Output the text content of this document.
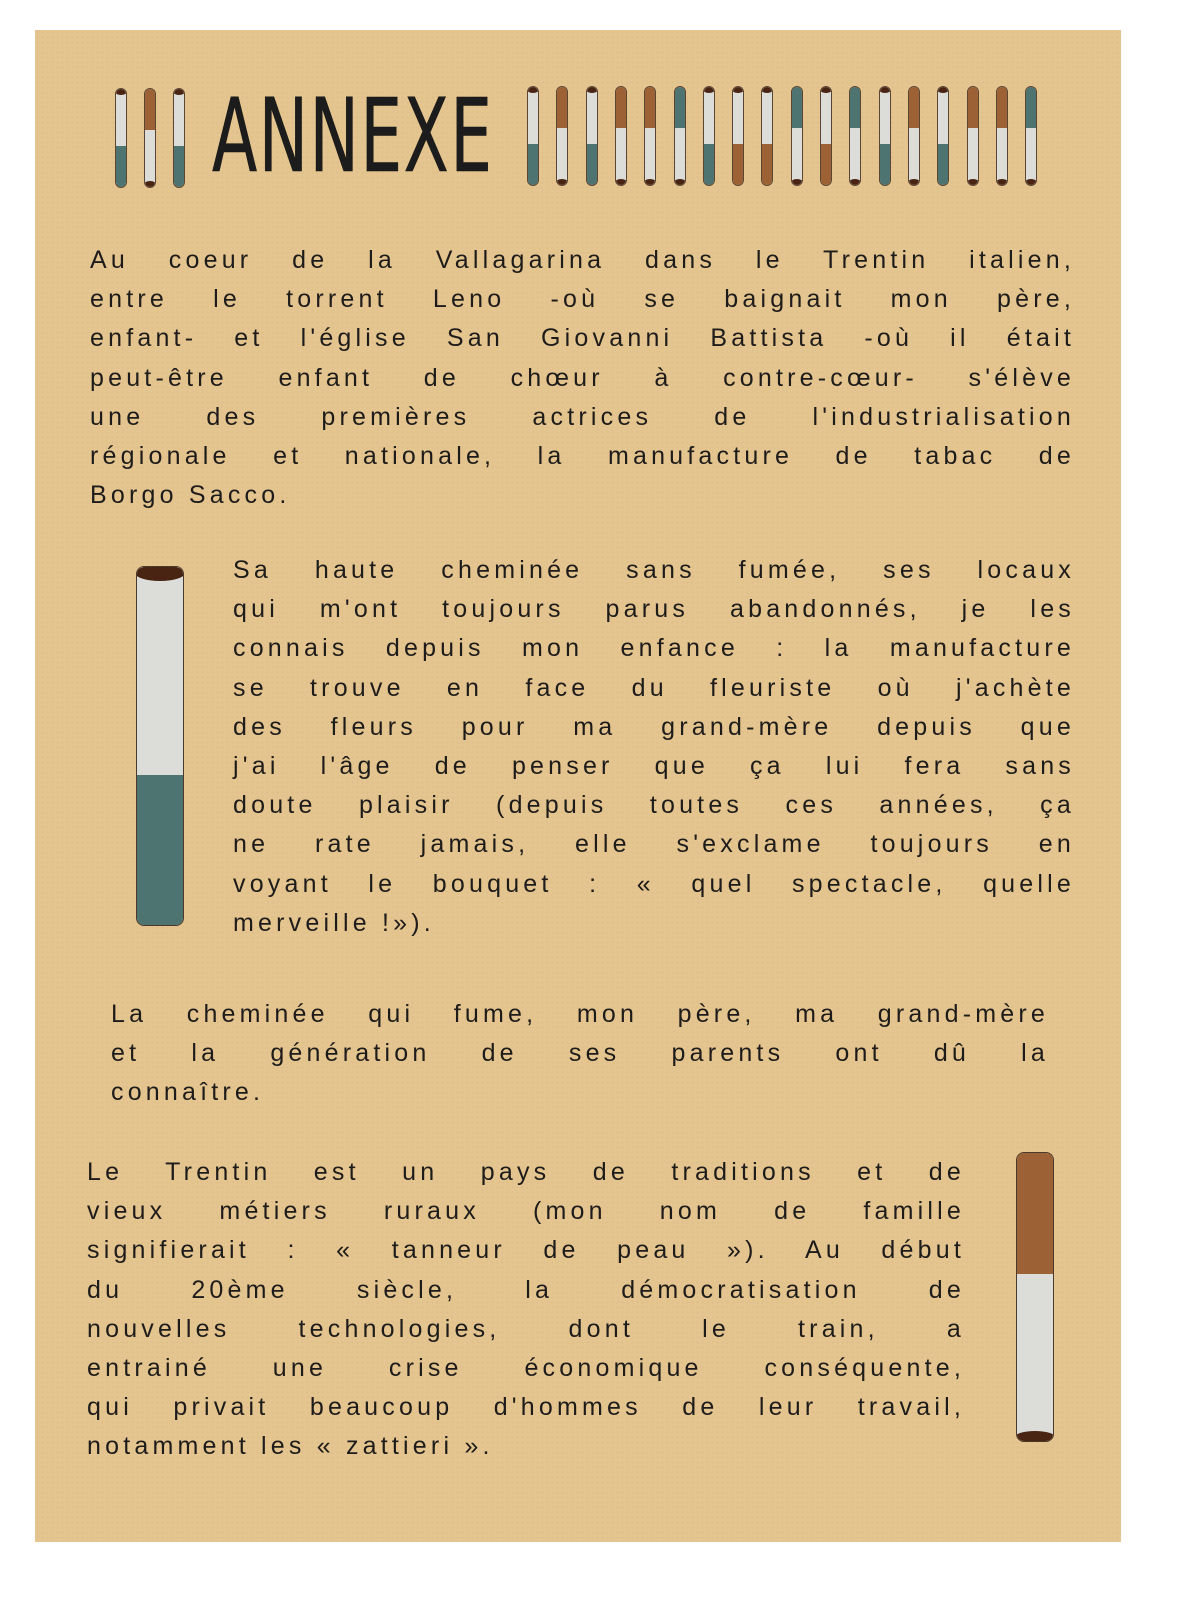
ANNEXE
Au coeur de la Vallagarina dans le Trentin italien,
entre le torrent Leno -où se baignait mon père,
enfant- et l'église San Giovanni Battista -où il était
peut-être enfant de chœur à contre-cœur- s'élève
une des premières actrices de l'industrialisation
régionale et nationale, la manufacture de tabac de
Borgo Sacco.
Sa haute cheminée sans fumée, ses locaux
qui m'ont toujours parus abandonnés, je les
connais depuis mon enfance : la manufacture
se trouve en face du fleuriste où j'achète
des fleurs pour ma grand-mère depuis que
j'ai l'âge de penser que ça lui fera sans
doute plaisir (depuis toutes ces années, ça
ne rate jamais, elle s'exclame toujours en
voyant le bouquet : « quel spectacle, quelle
merveille !»).
La cheminée qui fume, mon père, ma grand-mère
et la génération de ses parents ont dû la
connaître.
Le Trentin est un pays de traditions et de
vieux métiers ruraux (mon nom de famille
signifierait : « tanneur de peau »). Au début
du 20ème siècle, la démocratisation de
nouvelles technologies, dont le train, a
entrainé une crise économique conséquente,
qui privait beaucoup d'hommes de leur travail,
notamment les « zattieri ».
